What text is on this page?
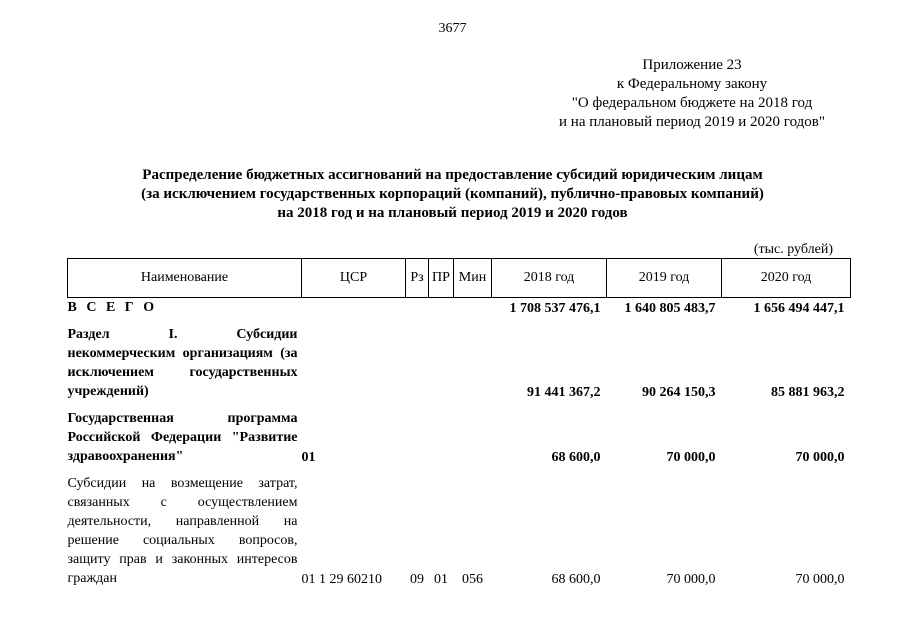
3677
Приложение 23
к Федеральному закону
"О федеральном бюджете на 2018 год
и на плановый период 2019 и 2020 годов"
Распределение бюджетных ассигнований на предоставление субсидий юридическим лицам
(за исключением государственных корпораций (компаний), публично-правовых компаний)
на 2018 год и на плановый период 2019 и 2020 годов
(тыс. рублей)
Наименование	ЦСР	Рз	ПР	Мин	2018 год	2019 год	2020 год
В С Е Г О					1 708 537 476,1	1 640 805 483,7	1 656 494 447,1

Раздел I. Субсидии некоммерческим организациям (за исключением государственных учреждений)					91 441 367,2	90 264 150,3	85 881 963,2

Государственная программа Российской Федерации "Развитие здравоохранения"	01				68 600,0	70 000,0	70 000,0

Субсидии на возмещение затрат, связанных с осуществлением деятельности, направленной на решение социальных вопросов, защиту прав и законных интересов граждан	01 1 29 60210	09	01	056	68 600,0	70 000,0	70 000,0
